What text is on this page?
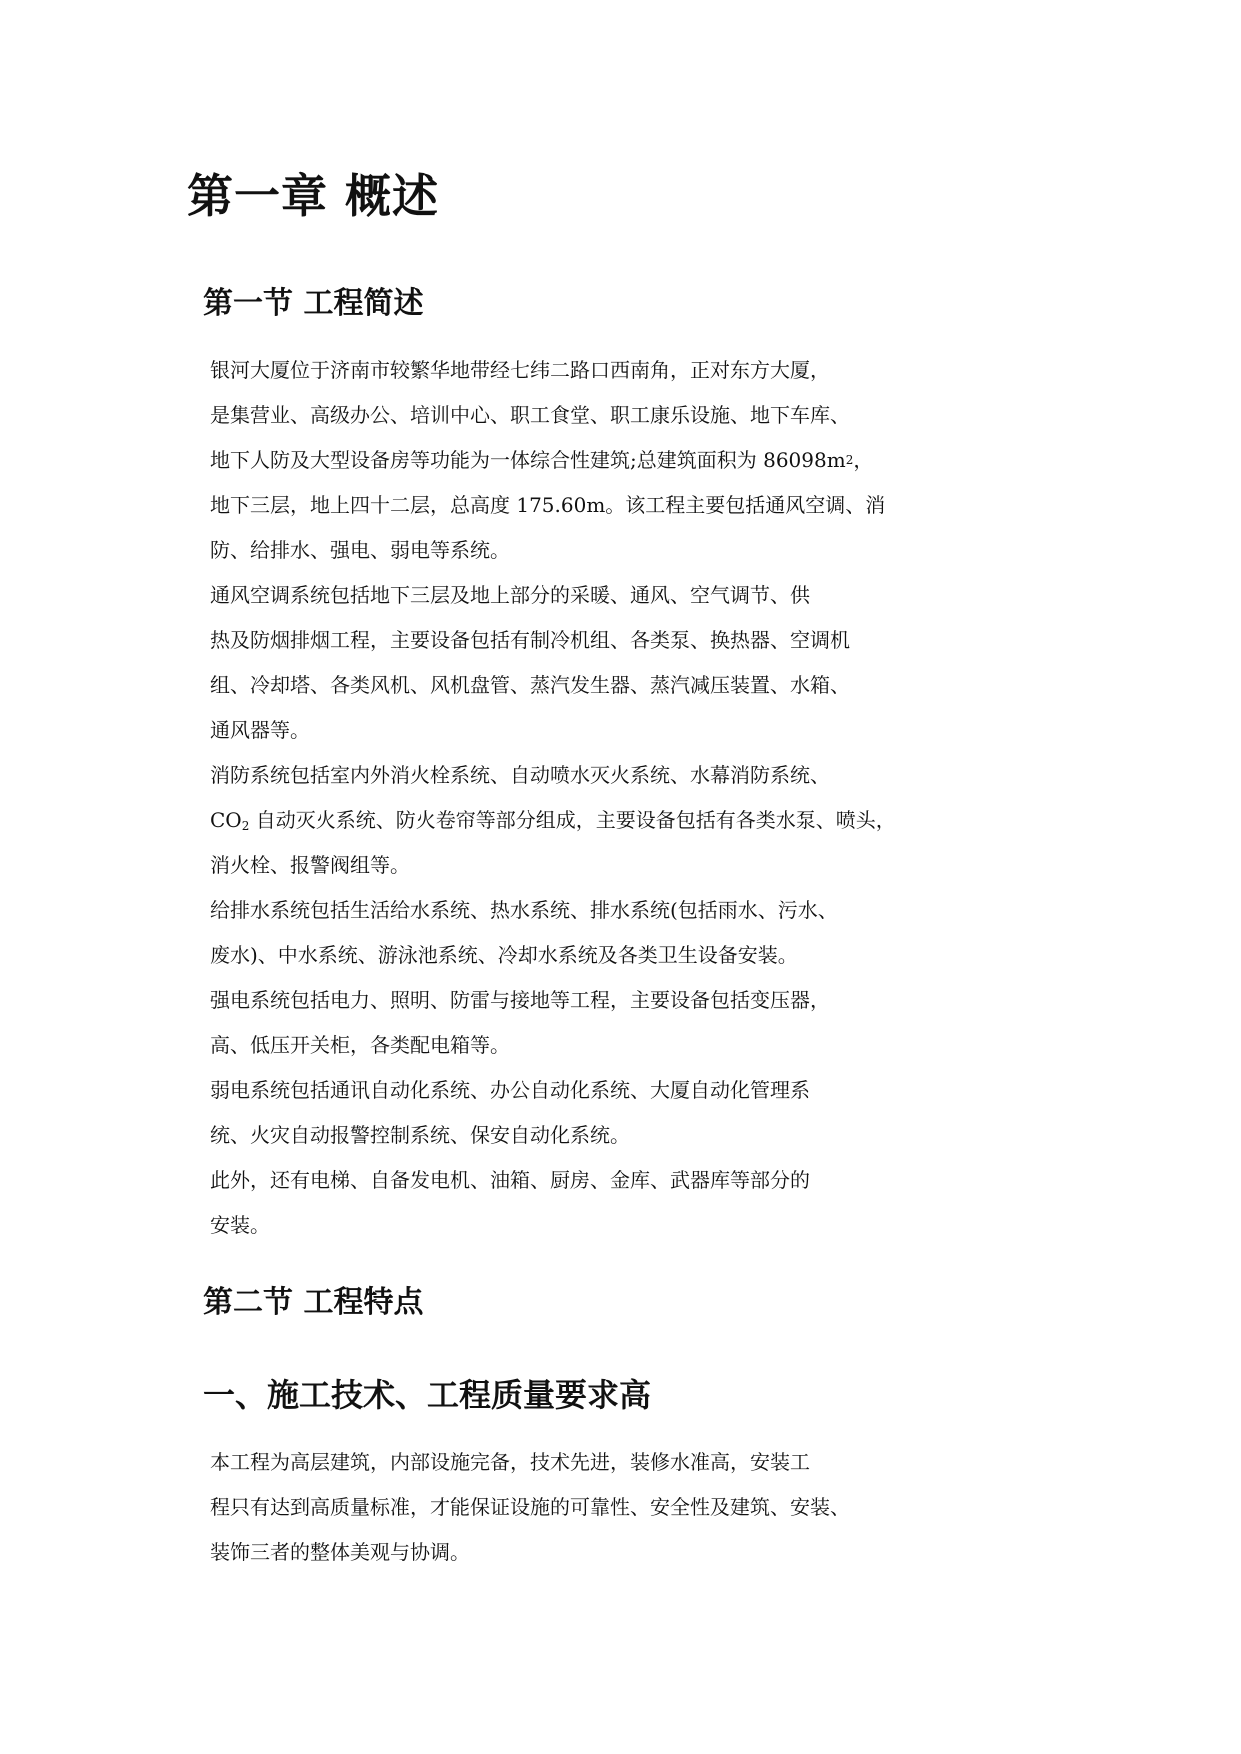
第一章 概述
第一节 工程简述
银河大厦位于济南市较繁华地带经七纬二路口西南角，正对东方大厦，
是集营业、高级办公、培训中心、职工食堂、职工康乐设施、地下车库、
地下人防及大型设备房等功能为一体综合性建筑;总建筑面积为 $86098m^2$，
地下三层，地上四十二层，总高度 175.60m。该工程主要包括通风空调、消
防、给排水、强电、弱电等系统。
通风空调系统包括地下三层及地上部分的采暖、通风、空气调节、供
热及防烟排烟工程，主要设备包括有制冷机组、各类泵、换热器、空调机
组、冷却塔、各类风机、风机盘管、蒸汽发生器、蒸汽减压装置、水箱、
通风器等。
消防系统包括室内外消火栓系统、自动喷水灭火系统、水幕消防系统、
$CO_2$ 自动灭火系统、防火卷帘等部分组成，主要设备包括有各类水泵、喷头，
消火栓、报警阀组等。
给排水系统包括生活给水系统、热水系统、排水系统(包括雨水、污水、
废水)、中水系统、游泳池系统、冷却水系统及各类卫生设备安装。
强电系统包括电力、照明、防雷与接地等工程，主要设备包括变压器，
高、低压开关柜，各类配电箱等。
弱电系统包括通讯自动化系统、办公自动化系统、大厦自动化管理系
统、火灾自动报警控制系统、保安自动化系统。
此外，还有电梯、自备发电机、油箱、厨房、金库、武器库等部分的
安装。
第二节 工程特点
一、施工技术、工程质量要求高
本工程为高层建筑，内部设施完备，技术先进，装修水准高，安装工
程只有达到高质量标准，才能保证设施的可靠性、安全性及建筑、安装、
装饰三者的整体美观与协调。
